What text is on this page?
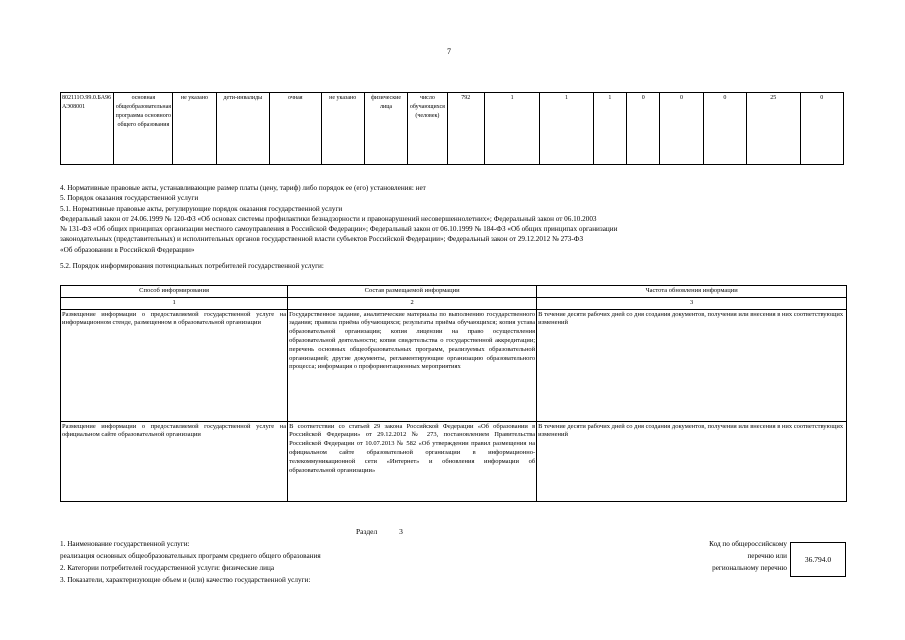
7
802111О.99.0.БА96АЭ08001	основная общеобразовательная программа основного общего образования	не указано	дети-инвалиды	очная	не указано	физические лица	число обучающихся (человек)	792	1	1	1	0	0	0	25	0
4. Нормативные правовые акты, устанавливающие размер платы (цену, тариф) либо порядок ее (его) установления: нет
5. Порядок оказания государственной услуги
5.1. Нормативные правовые акты, регулирующие порядок оказания государственной услуги
Федеральный закон от 24.06.1999 № 120-ФЗ «Об основах системы профилактики безнадзорности и правонарушений несовершеннолетних»; Федеральный закон от 06.10.2003
№ 131-ФЗ «Об общих принципах организации местного самоуправления в Российской Федерации»; Федеральный закон от 06.10.1999 № 184-ФЗ «Об общих принципах организации
законодательных (представительных) и исполнительных органов государственной власти субъектов Российской Федерации»; Федеральный закон от 29.12.2012 № 273-ФЗ
«Об образовании в Российской Федерации»
5.2. Порядок информирования потенциальных потребителей государственной услуги:
Способ информирования	Состав размещаемой информации	Частота обновления информации
1	2	3
Размещение информации о предоставляемой государственной услуге на информационном стенде, размещенном в образовательной организации	Государственное задание, аналитические материалы по выполнению государственного задания; правила приёма обучающихся; результаты приёма обучающихся; копия устава образовательной организации; копия лицензии на право осуществления образовательной деятельности; копия свидетельства о государственной аккредитации; перечень основных общеобразовательных программ, реализуемых образовательной организацией; другие документы, регламентирующие организацию образовательного процесса; информация о профориентационных мероприятиях	В течение десяти рабочих дней со дня создания документов, получения или внесения в них соответствующих изменений
Размещение информации о предоставляемой государственной услуге на официальном сайте образовательной организации	В соответствии со статьей 29 закона Российской Федерации «Об образовании в Российской Федерации» от 29.12.2012 № 273, постановлением Правительства Российской Федерации от 10.07.2013 № 582 «Об утверждении правил размещения на официальном сайте образовательной организации в информационно-телекоммуникационной сети «Интернет» и обновления информации об образовательной организации»	В течение десяти рабочих дней со дня создания документов, получения или внесения в них соответствующих изменений
Раздел	3
1. Наименование государственной услуги:
реализация основных общеобразовательных программ среднего общего образования
2. Категории потребителей государственной услуги: физические лица
3. Показатели, характеризующие объем и (или) качество государственной услуги:
Код по общероссийскому
перечню или
региональному перечню
36.794.0
